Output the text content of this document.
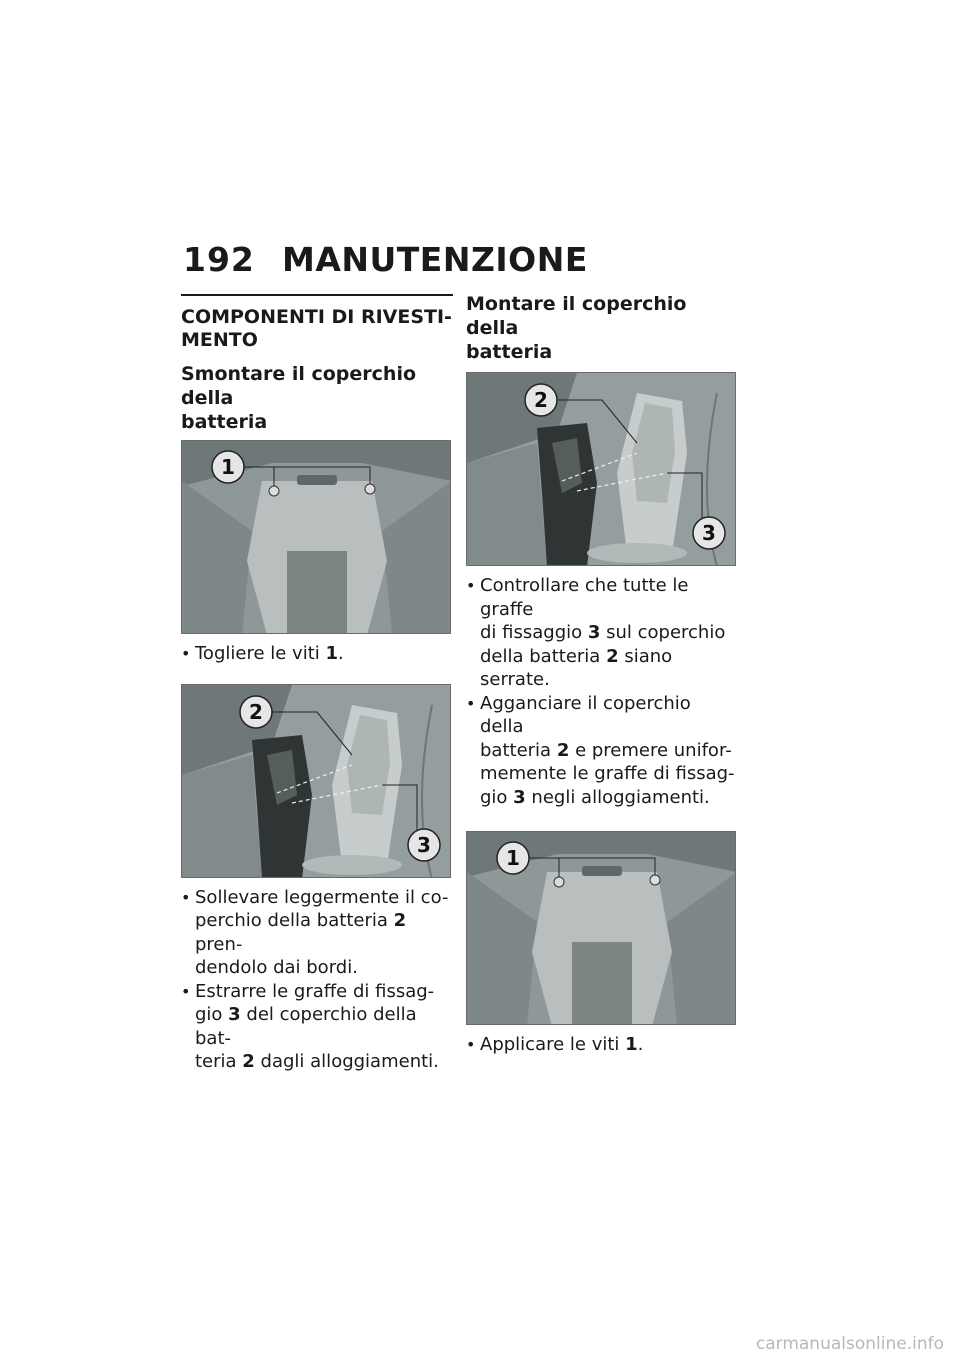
192 MANUTENZIONE
COMPONENTI DI RIVESTI-
MENTO
Smontare il coperchio della
batteria
1
• Togliere le viti 1.
2
3
• Sollevare leggermente il co-
perchio della batteria 2 pren-
dendolo dai bordi.
• Estrarre le graffe di fissag-
gio 3 del coperchio della bat-
teria 2 dagli alloggiamenti.
Montare il coperchio della
batteria
2
3
• Controllare che tutte le graffe
di fissaggio 3 sul coperchio
della batteria 2 siano serrate.
• Agganciare il coperchio della
batteria 2 e premere unifor-
memente le graffe di fissag-
gio 3 negli alloggiamenti.
1
• Applicare le viti 1.
carmanualsonline.info
